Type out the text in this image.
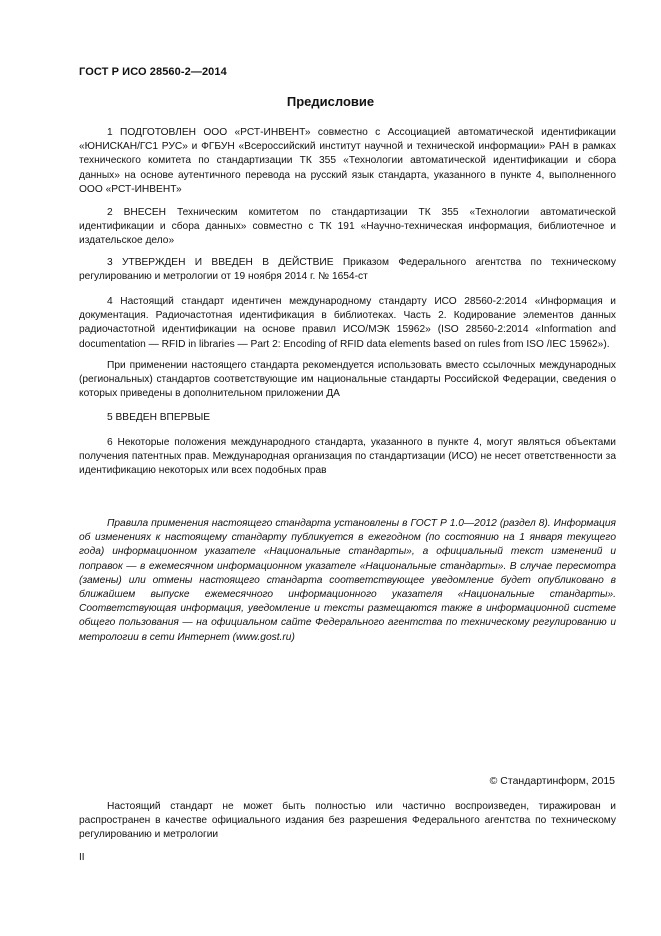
ГОСТ Р ИСО 28560-2—2014
Предисловие

1 ПОДГОТОВЛЕН ООО «РСТ-ИНВЕНТ» совместно с Ассоциацией автоматической идентификации «ЮНИСКАН/ГС1 РУС» и ФГБУН «Всероссийский институт научной и технической информации» РАН в рамках технического комитета по стандартизации ТК 355 «Технологии автоматической идентификации и сбора данных» на основе аутентичного перевода на русский язык стандарта, указанного в пункте 4, выполненного ООО «РСТ-ИНВЕНТ»

2 ВНЕСЕН Техническим комитетом по стандартизации ТК 355 «Технологии автоматической идентификации и сбора данных» совместно с ТК 191 «Научно-техническая информация, библиотечное и издательское дело»

3 УТВЕРЖДЕН И ВВЕДЕН В ДЕЙСТВИЕ Приказом Федерального агентства по техническому регулированию и метрологии от 19 ноября 2014 г. № 1654-ст

4 Настоящий стандарт идентичен международному стандарту ИСО 28560-2:2014 «Информация и документация. Радиочастотная идентификация в библиотеках. Часть 2. Кодирование элементов данных радиочастотной идентификации на основе правил ИСО/МЭК 15962» (ISO 28560-2:2014 «Information and documentation — RFID in libraries — Part 2: Encoding of RFID data elements based on rules from ISO /IEC 15962»).

При применении настоящего стандарта рекомендуется использовать вместо ссылочных международных (региональных) стандартов соответствующие им национальные стандарты Российской Федерации, сведения о которых приведены в дополнительном приложении ДА

5 ВВЕДЕН ВПЕРВЫЕ

6 Некоторые положения международного стандарта, указанного в пункте 4, могут являться объектами получения патентных прав. Международная организация по стандартизации (ИСО) не несет ответственности за идентификацию некоторых или всех подобных прав

Правила применения настоящего стандарта установлены в ГОСТ Р 1.0—2012 (раздел 8). Информация об изменениях к настоящему стандарту публикуется в ежегодном (по состоянию на 1 января текущего года) информационном указателе «Национальные стандарты», а официальный текст изменений и поправок — в ежемесячном информационном указателе «Национальные стандарты». В случае пересмотра (замены) или отмены настоящего стандарта соответствующее уведомление будет опубликовано в ближайшем выпуске ежемесячного информационного указателя «Национальные стандарты». Соответствующая информация, уведомление и тексты размещаются также в информационной системе общего пользования — на официальном сайте Федерального агентства по техническому регулированию и метрологии в сети Интернет (www.gost.ru)

© Стандартинформ, 2015

Настоящий стандарт не может быть полностью или частично воспроизведен, тиражирован и распространен в качестве официального издания без разрешения Федерального агентства по техническому регулированию и метрологии

II
